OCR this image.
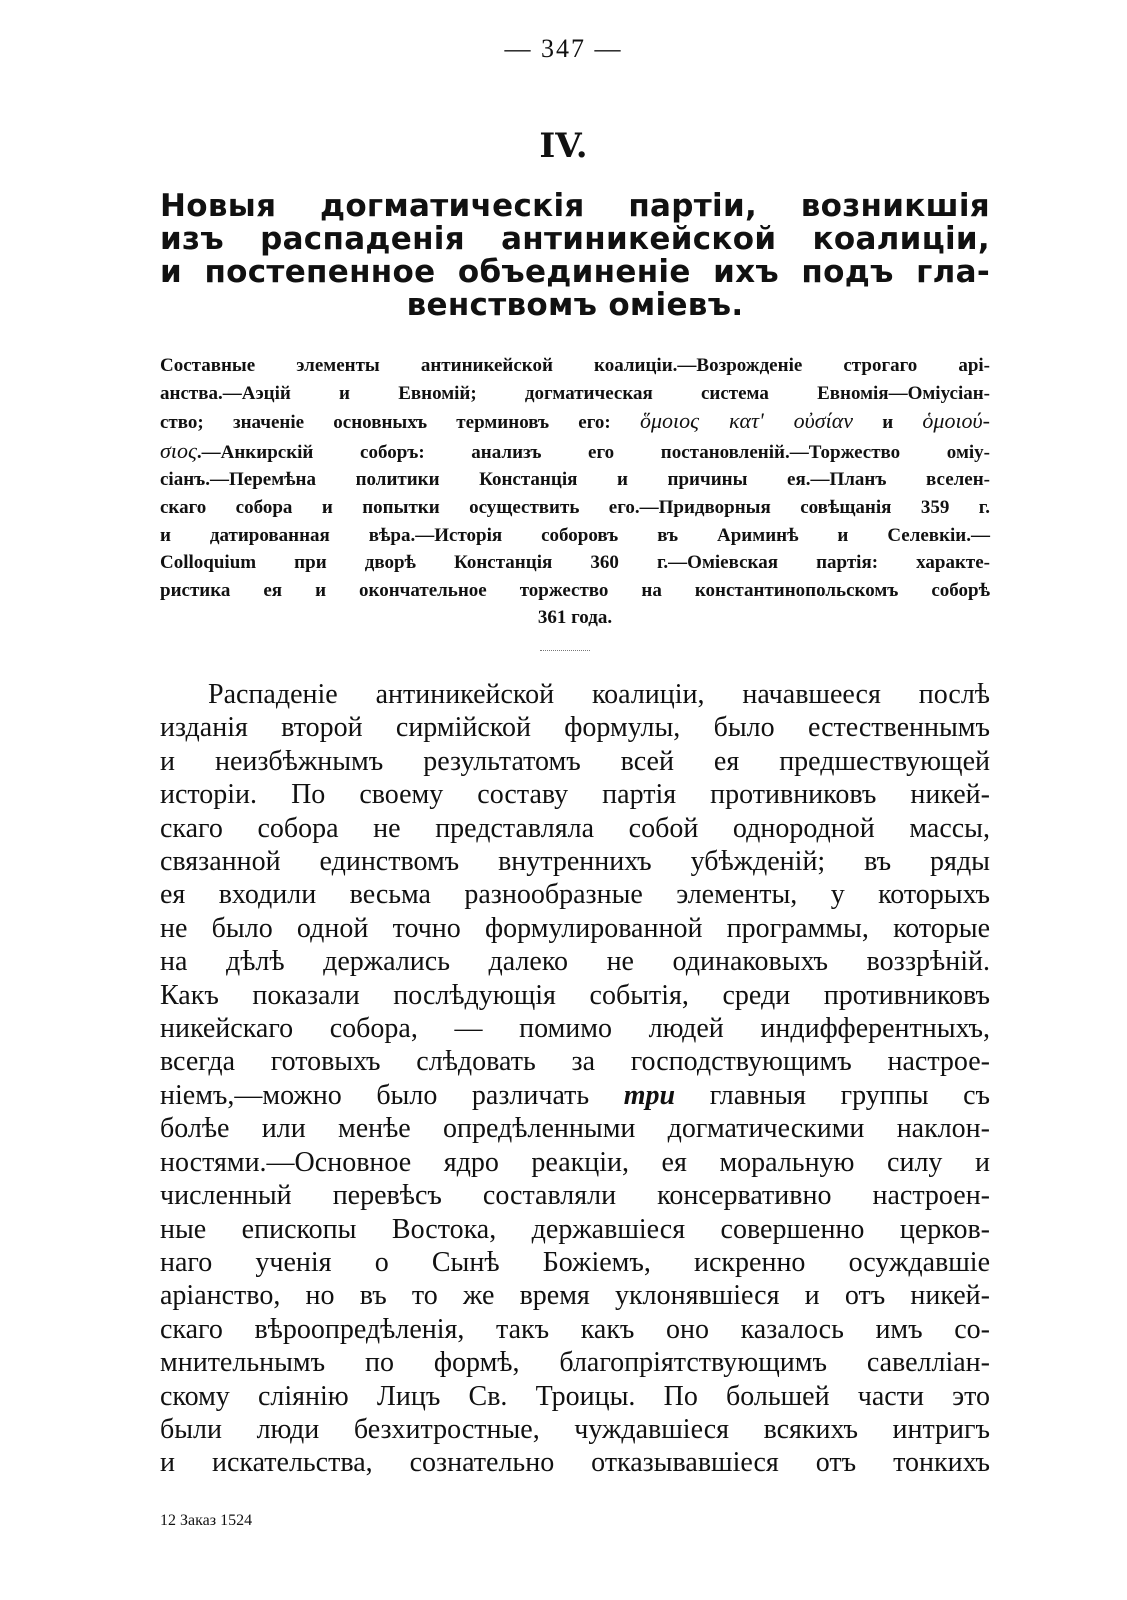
— 347 —
IV.
Новыя догматическія партіи, возникшія
изъ распаденія антиникейской коалиціи,
и постепенное объединеніе ихъ подъ гла-
венствомъ оміевъ.
Составные элементы антиникейской коалиціи.—Возрожденіе строгаго арі-
анства.—Аэцій и Евномій; догматическая система Евномія—Оміусіан-
ство; значеніе основныхъ терминовъ его: ὅμοιος κατ' οὐσίαν и ὁμοιού-
σιος.—Анкирскій соборъ: анализъ его постановленій.—Торжество оміу-
сіанъ.—Перемѣна политики Констанція и причины ея.—Планъ вселен-
скаго собора и попытки осуществить его.—Придворныя совѣщанія 359 г.
и датированная вѣра.—Исторія соборовъ въ Ариминѣ и Селевкіи.—
Colloquium при дворѣ Констанція 360 г.—Оміевская партія: характе-
ристика ея и окончательное торжество на константинопольскомъ соборѣ
361 года.
Распаденіе антиникейской коалиціи, начавшееся послѣ
изданія второй сирмійской формулы, было естественнымъ
и неизбѣжнымъ результатомъ всей ея предшествующей
исторіи. По своему составу партія противниковъ никей-
скаго собора не представляла собой однородной массы,
связанной единствомъ внутреннихъ убѣжденій; въ ряды
ея входили весьма разнообразные элементы, у которыхъ
не было одной точно формулированной программы, которые
на дѣлѣ держались далеко не одинаковыхъ воззрѣній.
Какъ показали послѣдующія событія, среди противниковъ
никейскаго собора, — помимо людей индифферентныхъ,
всегда готовыхъ слѣдовать за господствующимъ настрое-
ніемъ,—можно было различать три главныя группы съ
болѣе или менѣе опредѣленными догматическими наклон-
ностями.—Основное ядро реакціи, ея моральную силу и
численный перевѣсъ составляли консервативно настроен-
ные епископы Востока, державшіеся совершенно церков-
наго ученія о Сынѣ Божіемъ, искренно осуждавшіе
аріанство, но въ то же время уклонявшіеся и отъ никей-
скаго вѣроопредѣленія, такъ какъ оно казалось имъ со-
мнительнымъ по формѣ, благопріятствующимъ савелліан-
скому сліянію Лицъ Св. Троицы. По большей части это
были люди безхитростные, чуждавшіеся всякихъ интригъ
и искательства, сознательно отказывавшіеся отъ тонкихъ
12 Заказ 1524
